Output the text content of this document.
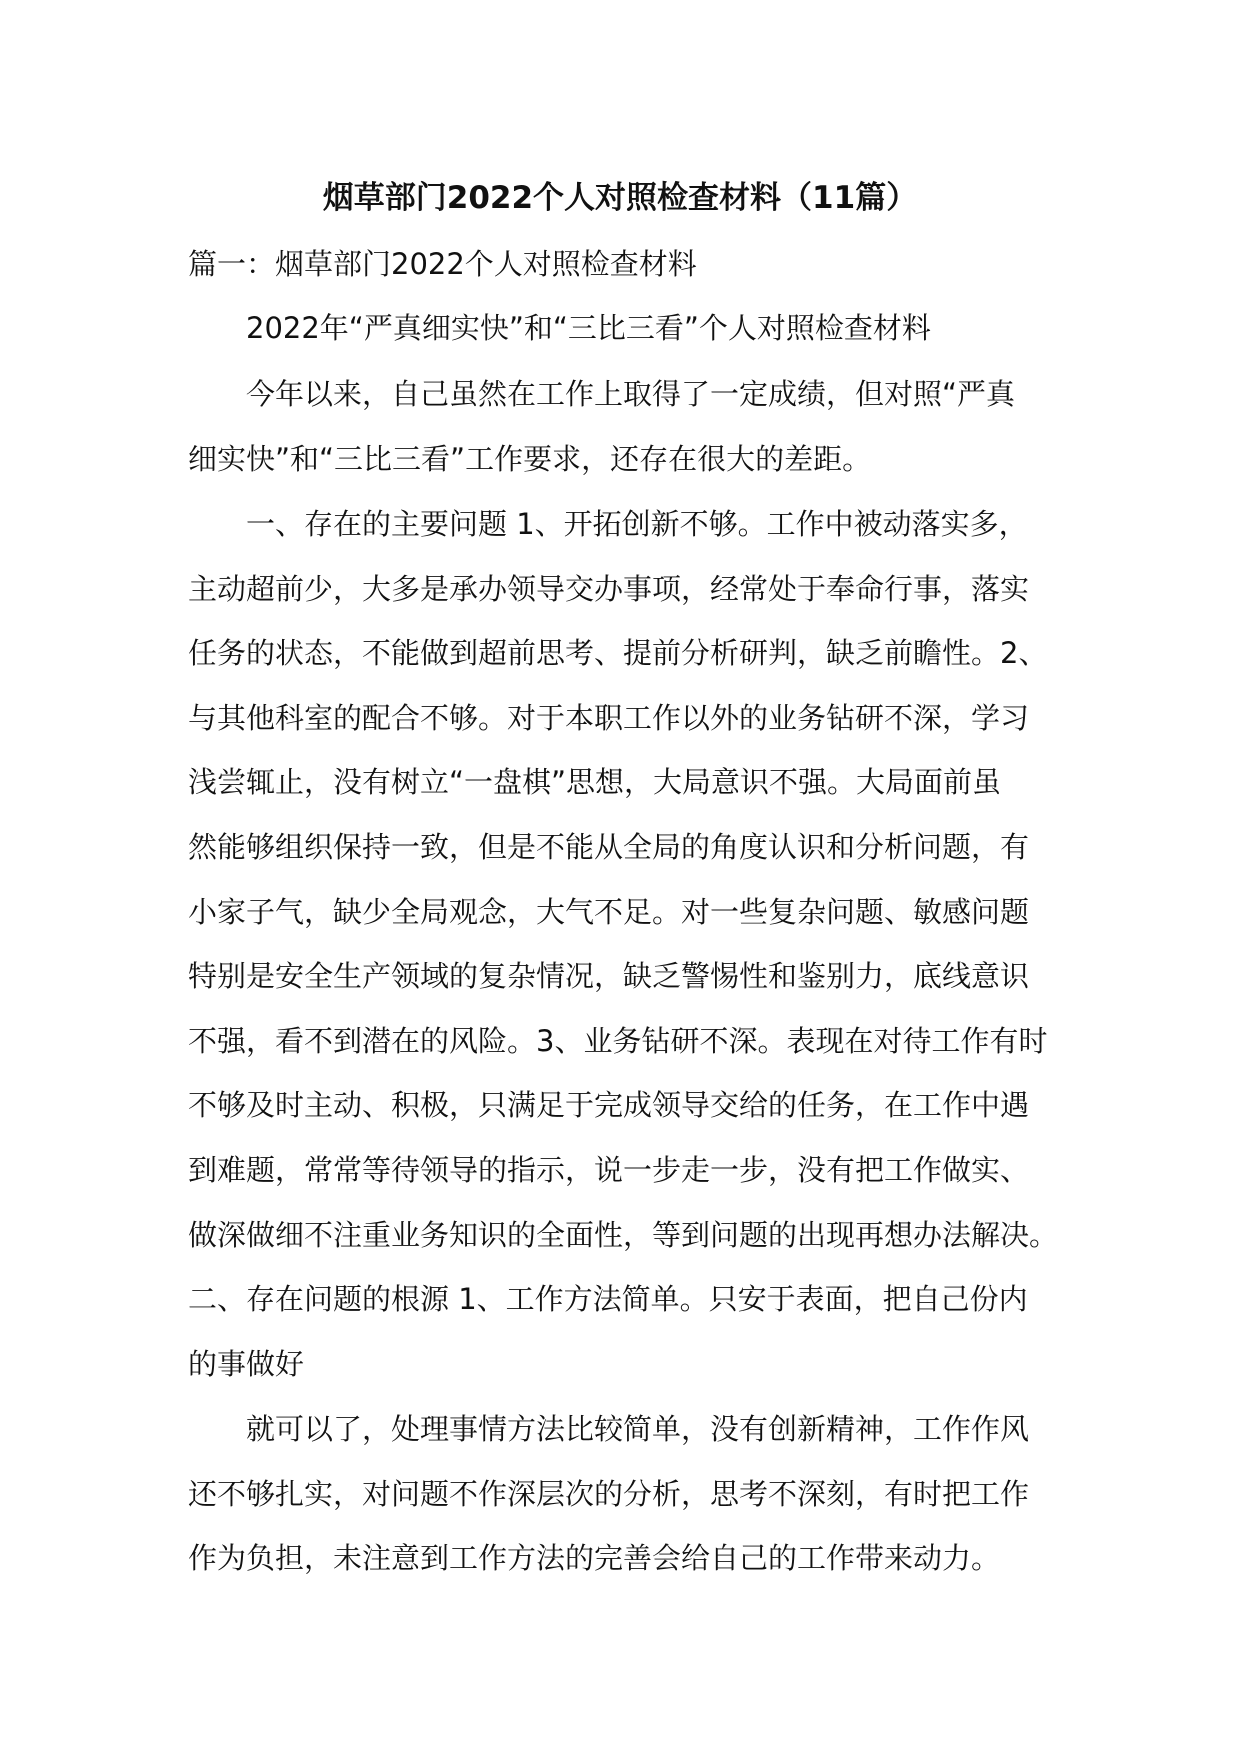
烟草部门2022个人对照检查材料（11篇）
篇一：烟草部门2022个人对照检查材料
2022年“严真细实快”和“三比三看”个人对照检查材料
今年以来，自己虽然在工作上取得了一定成绩，但对照“严真
细实快”和“三比三看”工作要求，还存在很大的差距。
一、存在的主要问题 1、开拓创新不够。工作中被动落实多，
主动超前少，大多是承办领导交办事项，经常处于奉命行事，落实
任务的状态，不能做到超前思考、提前分析研判，缺乏前瞻性。2、
与其他科室的配合不够。对于本职工作以外的业务钻研不深，学习
浅尝辄止，没有树立“一盘棋”思想，大局意识不强。大局面前虽
然能够组织保持一致，但是不能从全局的角度认识和分析问题，有
小家子气，缺少全局观念，大气不足。对一些复杂问题、敏感问题
特别是安全生产领域的复杂情况，缺乏警惕性和鉴别力，底线意识
不强，看不到潜在的风险。3、业务钻研不深。表现在对待工作有时
不够及时主动、积极，只满足于完成领导交给的任务，在工作中遇
到难题，常常等待领导的指示，说一步走一步，没有把工作做实、
做深做细不注重业务知识的全面性，等到问题的出现再想办法解决。
二、存在问题的根源 1、工作方法简单。只安于表面，把自己份内
的事做好
就可以了，处理事情方法比较简单，没有创新精神，工作作风
还不够扎实，对问题不作深层次的分析，思考不深刻，有时把工作
作为负担，未注意到工作方法的完善会给自己的工作带来动力。
